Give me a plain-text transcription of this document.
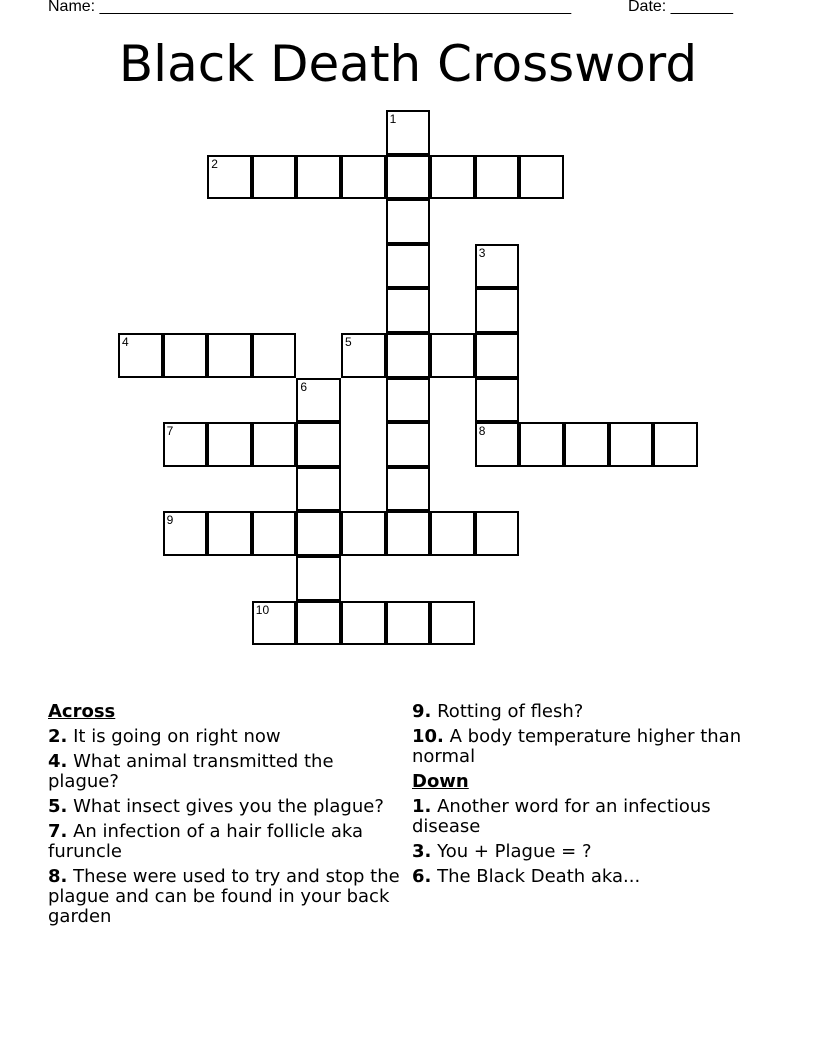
Name: _____________________________________________________	Date: _______
Black Death Crossword
1
2
3
4	5
6
7	8
9
10
Across
2. It is going on right now
4. What animal transmitted the plague?
5. What insect gives you the plague?
7. An infection of a hair follicle aka furuncle
8. These were used to try and stop the plague and can be found in your back garden
9. Rotting of flesh?
10. A body temperature higher than normal
Down
1. Another word for an infectious disease
3. You + Plague = ?
6. The Black Death aka...
